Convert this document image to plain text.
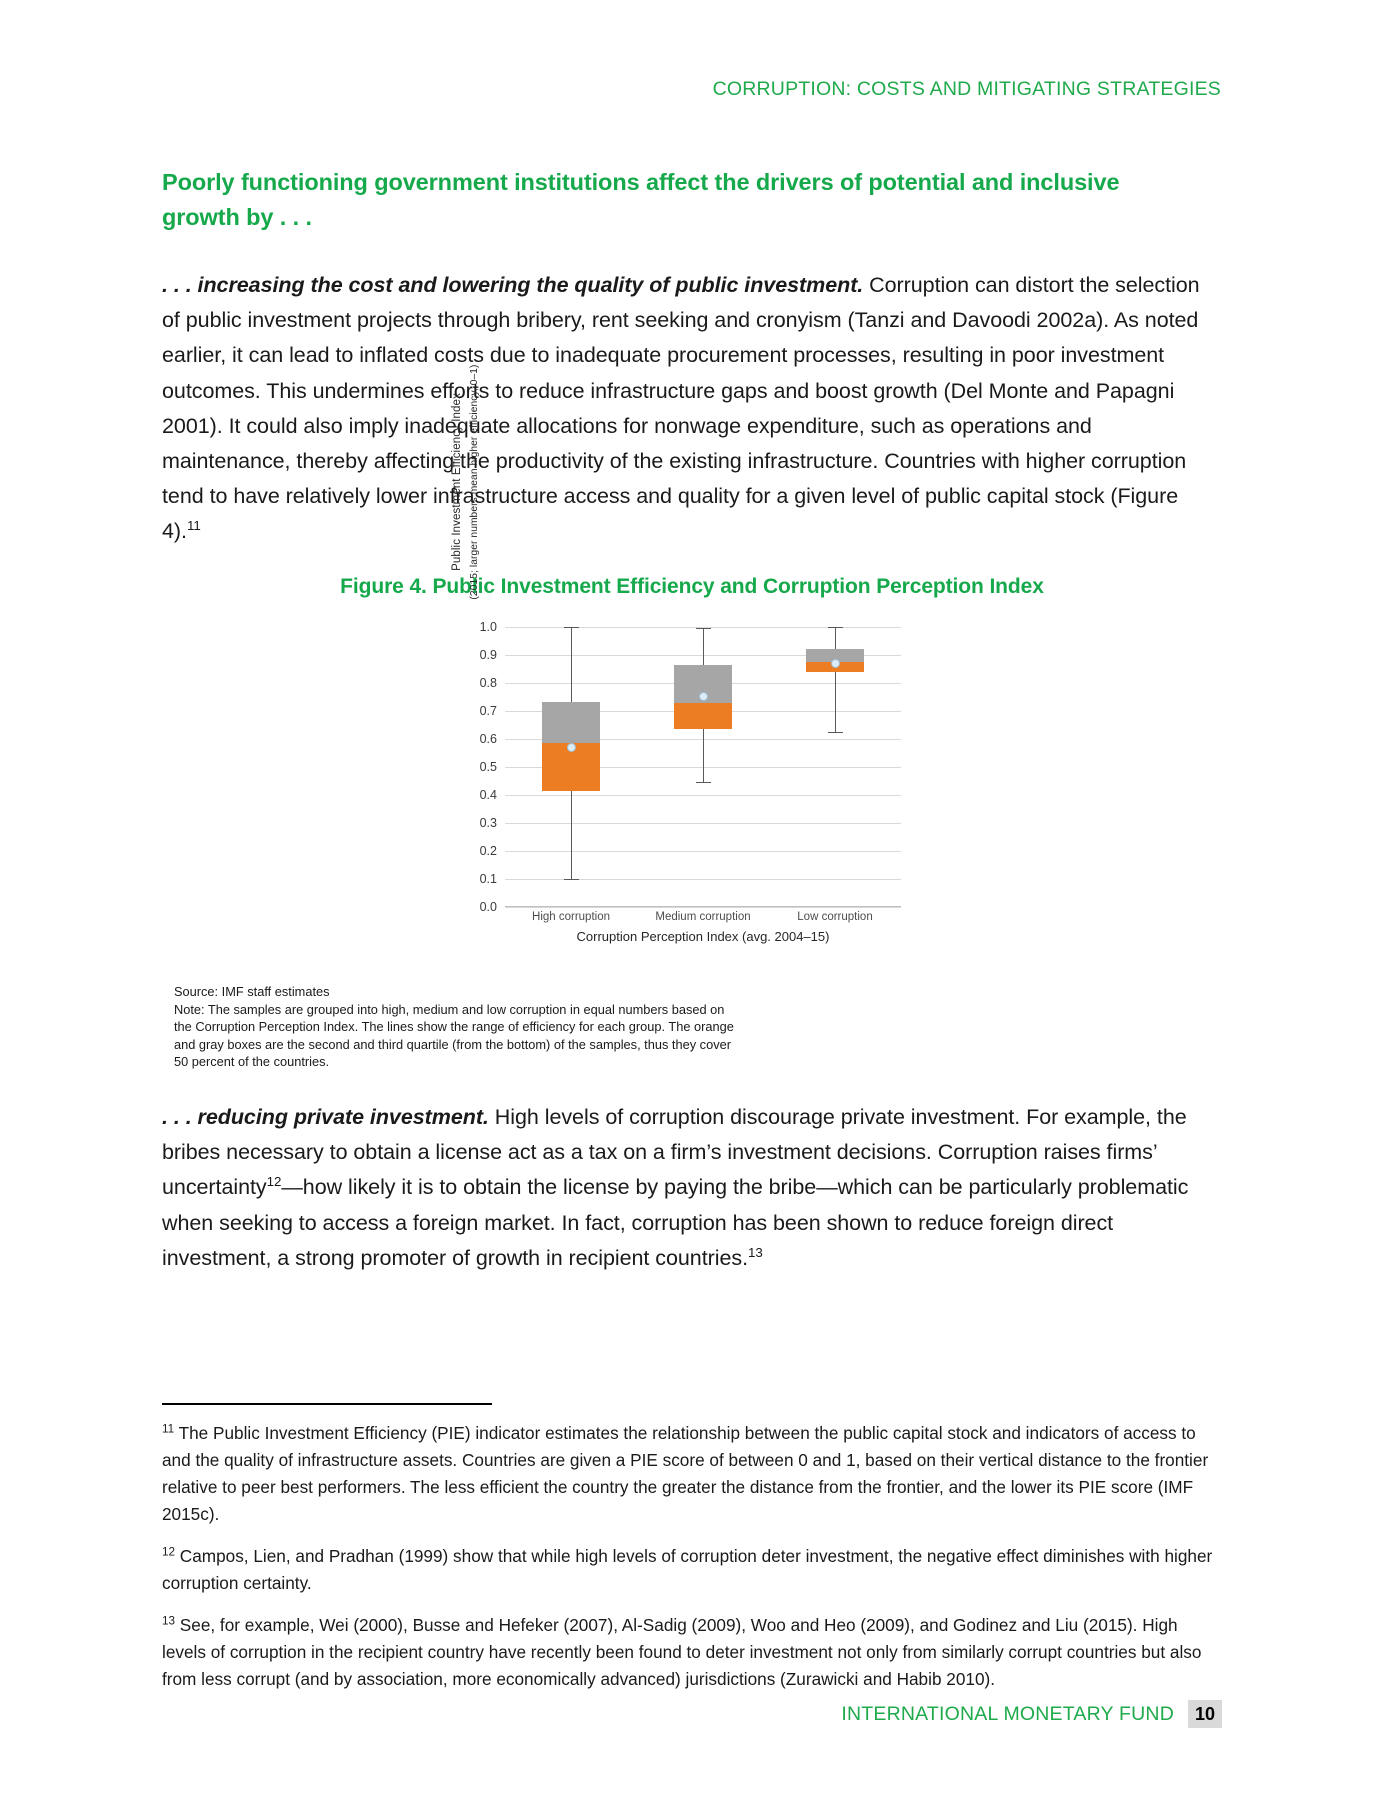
CORRUPTION: COSTS AND MITIGATING STRATEGIES
Poorly functioning government institutions affect the drivers of potential and inclusive growth by . . .
. . . increasing the cost and lowering the quality of public investment. Corruption can distort the selection of public investment projects through bribery, rent seeking and cronyism (Tanzi and Davoodi 2002a). As noted earlier, it can lead to inflated costs due to inadequate procurement processes, resulting in poor investment outcomes. This undermines efforts to reduce infrastructure gaps and boost growth (Del Monte and Papagni 2001). It could also imply inadequate allocations for nonwage expenditure, such as operations and maintenance, thereby affecting the productivity of the existing infrastructure. Countries with higher corruption tend to have relatively lower infrastructure access and quality for a given level of public capital stock (Figure 4).$^{11}$
Figure 4. Public Investment Efficiency and Corruption Perception Index
Public Investment Efficiency Index (2015; larger numbers mean higher efficiency, 0–1)
0.0
0.1
0.2
0.3
0.4
0.5
0.6
0.7
0.8
0.9
1.0
High corruption	Medium corruption	Low corruption
Corruption Perception Index (avg. 2004–15)

Source: IMF staff estimates

Note: The samples are grouped into high, medium and low corruption in equal numbers based on the Corruption Perception Index. The lines show the range of efficiency for each group. The orange and gray boxes are the second and third quartile (from the bottom) of the samples, thus they cover 50 percent of the countries.

. . . reducing private investment. High levels of corruption discourage private investment. For example, the bribes necessary to obtain a license act as a tax on a firm’s investment decisions. Corruption raises firms’ uncertainty$^{12}$—how likely it is to obtain the license by paying the bribe—which can be particularly problematic when seeking to access a foreign market. In fact, corruption has been shown to reduce foreign direct investment, a strong promoter of growth in recipient countries.$^{13}$

$^{11}$ The Public Investment Efficiency (PIE) indicator estimates the relationship between the public capital stock and indicators of access to and the quality of infrastructure assets. Countries are given a PIE score of between 0 and 1, based on their vertical distance to the frontier relative to peer best performers. The less efficient the country the greater the distance from the frontier, and the lower its PIE score (IMF 2015c).

$^{12}$ Campos, Lien, and Pradhan (1999) show that while high levels of corruption deter investment, the negative effect diminishes with higher corruption certainty.

$^{13}$ See, for example, Wei (2000), Busse and Hefeker (2007), Al-Sadig (2009), Woo and Heo (2009), and Godinez and Liu (2015). High levels of corruption in the recipient country have recently been found to deter investment not only from similarly corrupt countries but also from less corrupt (and by association, more economically advanced) jurisdictions (Zurawicki and Habib 2010).

INTERNATIONAL MONETARY FUND	10
